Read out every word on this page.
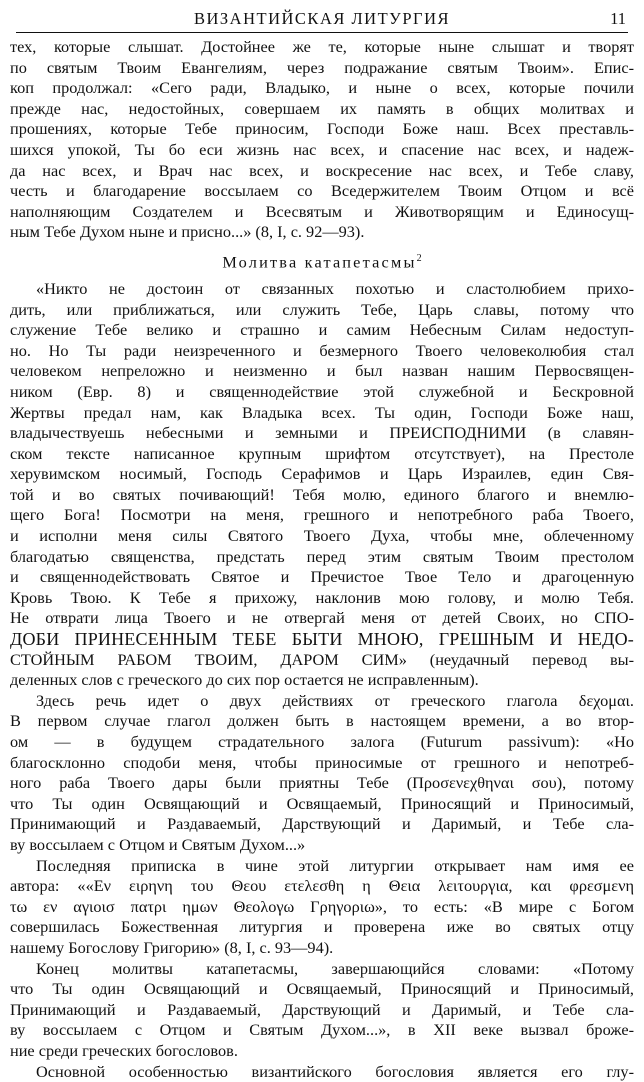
ВИЗАНТИЙСКАЯ ЛИТУРГИЯ	11

тех, которые слышат. Достойнее же те, которые ныне слышат и творят

по святым Твоим Евангелиям, через подражание святым Твоим». Епис-

коп продолжал: «Сего ради, Владыко, и ныне о всех, которые почили

прежде нас, недостойных, совершаем их память в общих молитвах и

прошениях, которые Тебе приносим, Господи Боже наш. Всех преставль-

шихся упокой, Ты бо еси жизнь нас всех, и спасение нас всех, и надеж-

да нас всех, и Врач нас всех, и воскресение нас всех, и Тебе славу,

честь и благодарение воссылаем со Вседержителем Твоим Отцом и всё

наполняющим Создателем и Всесвятым и Животворящим и Единосущ-

ным Тебе Духом ныне и присно...» (8, I, с. 92—93).

Молитва катапетасмы$^2$

«Никто не достоин от связанных похотью и сластолюбием прихо-

дить, или приближаться, или служить Тебе, Царь славы, потому что

служение Тебе велико и страшно и самим Небесным Силам недоступ-

но. Но Ты ради неизреченного и безмерного Твоего человеколюбия стал

человеком непреложно и неизменно и был назван нашим Первосвящен-

ником (Евр. 8) и священнодействие этой служебной и Бескровной

Жертвы предал нам, как Владыка всех. Ты один, Господи Боже наш,

владычествуешь небесными и земными и ПРЕИСПОДНИМИ (в славян-

ском тексте написанное крупным шрифтом отсутствует), на Престоле

херувимском носимый, Господь Серафимов и Царь Израилев, един Свя-

той и во святых почивающий! Тебя молю, единого благого и внемлю-

щего Бога! Посмотри на меня, грешного и непотребного раба Твоего,

и исполни меня силы Святого Твоего Духа, чтобы мне, облеченному

благодатью священства, предстать перед этим святым Твоим престолом

и священнодействовать Святое и Пречистое Твое Тело и драгоценную

Кровь Твою. К Тебе я прихожу, наклонив мою голову, и молю Тебя.

Не отврати лица Твоего и не отвергай меня от детей Своих, но СПО-

ДОБИ ПРИНЕСЕННЫМ ТЕБЕ БЫТИ МНОЮ, ГРЕШНЫМ И НЕДО-

СТОЙНЫМ РАБОМ ТВОИМ, ДАРОМ СИМ» (неудачный перевод вы-

деленных слов с греческого до сих пор остается не исправленным).

Здесь речь идет о двух действиях от греческого глагола δεχομαι.

В первом случае глагол должен быть в настоящем времени, а во втор-

ом — в будущем страдательного залога (Futurum passivum): «Но

благосклонно сподоби меня, чтобы приносимые от грешного и непотреб-

ного раба Твоего дары были приятны Тебе (Προσενεχθηναι σου), потому

что Ты один Освящающий и Освящаемый, Приносящий и Приносимый,

Принимающий и Раздаваемый, Дарствующий и Даримый, и Тебе сла-

ву воссылаем с Отцом и Святым Духом...»

Последняя приписка в чине этой литургии открывает нам имя ее

автора: ««Εν ειρηνη του Θεου ετελεσθη η Θεια λειτουργια, και φρεσμενη

τω εν αγιοισ πατρι ημων Θεολογω Γρηγοριω», то есть: «В мире с Богом

совершилась Божественная литургия и проверена иже во святых отцу

нашему Богослову Григорию» (8, I, с. 93—94).

Конец молитвы катапетасмы, завершающийся словами: «Потому

что Ты один Освящающий и Освящаемый, Приносящий и Приносимый,

Принимающий и Раздаваемый, Дарствующий и Даримый, и Тебе сла-

ву воссылаем с Отцом и Святым Духом...», в XII веке вызвал броже-

ние среди греческих богословов.

Основной особенностью византийского богословия является его глу-
